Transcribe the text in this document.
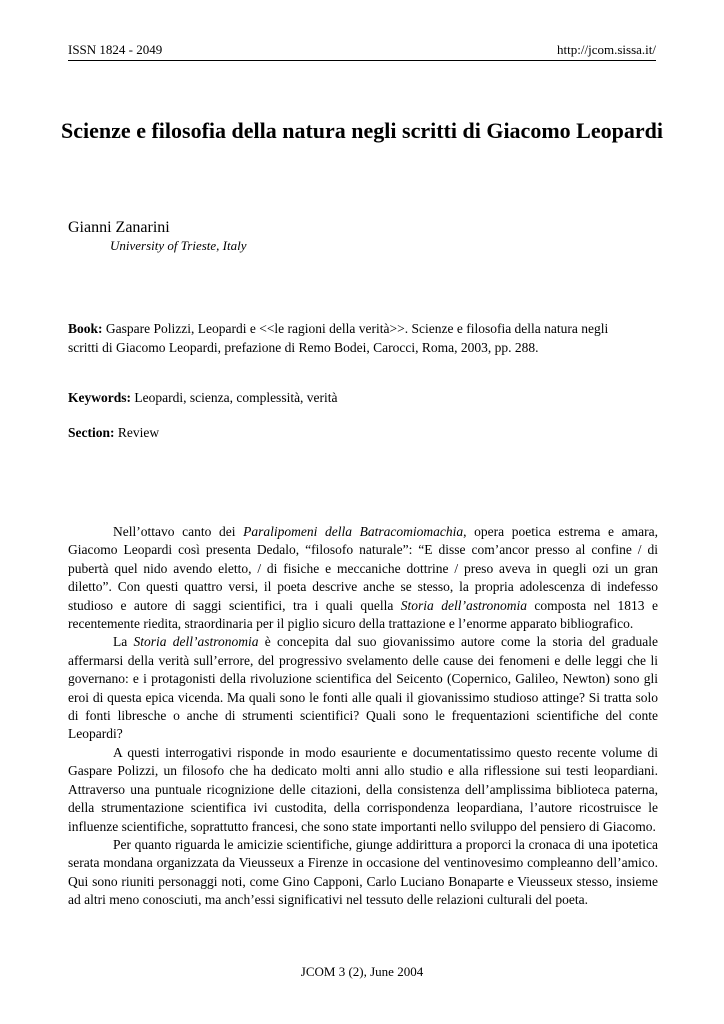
ISSN 1824 - 2049	http://jcom.sissa.it/
Scienze e filosofia della natura negli scritti di Giacomo Leopardi
Gianni Zanarini
University of Trieste, Italy
Book: Gaspare Polizzi, Leopardi e <<le ragioni della verità>>. Scienze e filosofia della natura negli scritti di Giacomo Leopardi, prefazione di Remo Bodei, Carocci, Roma, 2003, pp. 288.
Keywords: Leopardi, scienza, complessità, verità
Section: Review

Nell’ottavo canto dei Paralipomeni della Batracomiomachia, opera poetica estrema e amara, Giacomo Leopardi così presenta Dedalo, “filosofo naturale”: “E disse com’ancor presso al confine / di pubertà quel nido avendo eletto, / di fisiche e meccaniche dottrine / preso aveva in quegli ozi un gran diletto”. Con questi quattro versi, il poeta descrive anche se stesso, la propria adolescenza di indefesso studioso e autore di saggi scientifici, tra i quali quella Storia dell’astronomia composta nel 1813 e recentemente riedita, straordinaria per il piglio sicuro della trattazione e l’enorme apparato bibliografico.

La Storia dell’astronomia è concepita dal suo giovanissimo autore come la storia del graduale affermarsi della verità sull’errore, del progressivo svelamento delle cause dei fenomeni e delle leggi che li governano: e i protagonisti della rivoluzione scientifica del Seicento (Copernico, Galileo, Newton) sono gli eroi di questa epica vicenda. Ma quali sono le fonti alle quali il giovanissimo studioso attinge? Si tratta solo di fonti libresche o anche di strumenti scientifici? Quali sono le frequentazioni scientifiche del conte Leopardi?

A questi interrogativi risponde in modo esauriente e documentatissimo questo recente volume di Gaspare Polizzi, un filosofo che ha dedicato molti anni allo studio e alla riflessione sui testi leopardiani. Attraverso una puntuale ricognizione delle citazioni, della consistenza dell’amplissima biblioteca paterna, della strumentazione scientifica ivi custodita, della corrispondenza leopardiana, l’autore ricostruisce le influenze scientifiche, soprattutto francesi, che sono state importanti nello sviluppo del pensiero di Giacomo.

Per quanto riguarda le amicizie scientifiche, giunge addirittura a proporci la cronaca di una ipotetica serata mondana organizzata da Vieusseux a Firenze in occasione del ventinovesimo compleanno dell’amico. Qui sono riuniti personaggi noti, come Gino Capponi, Carlo Luciano Bonaparte e Vieusseux stesso, insieme ad altri meno conosciuti, ma anch’essi significativi nel tessuto delle relazioni culturali del poeta.

JCOM 3 (2), June 2004
